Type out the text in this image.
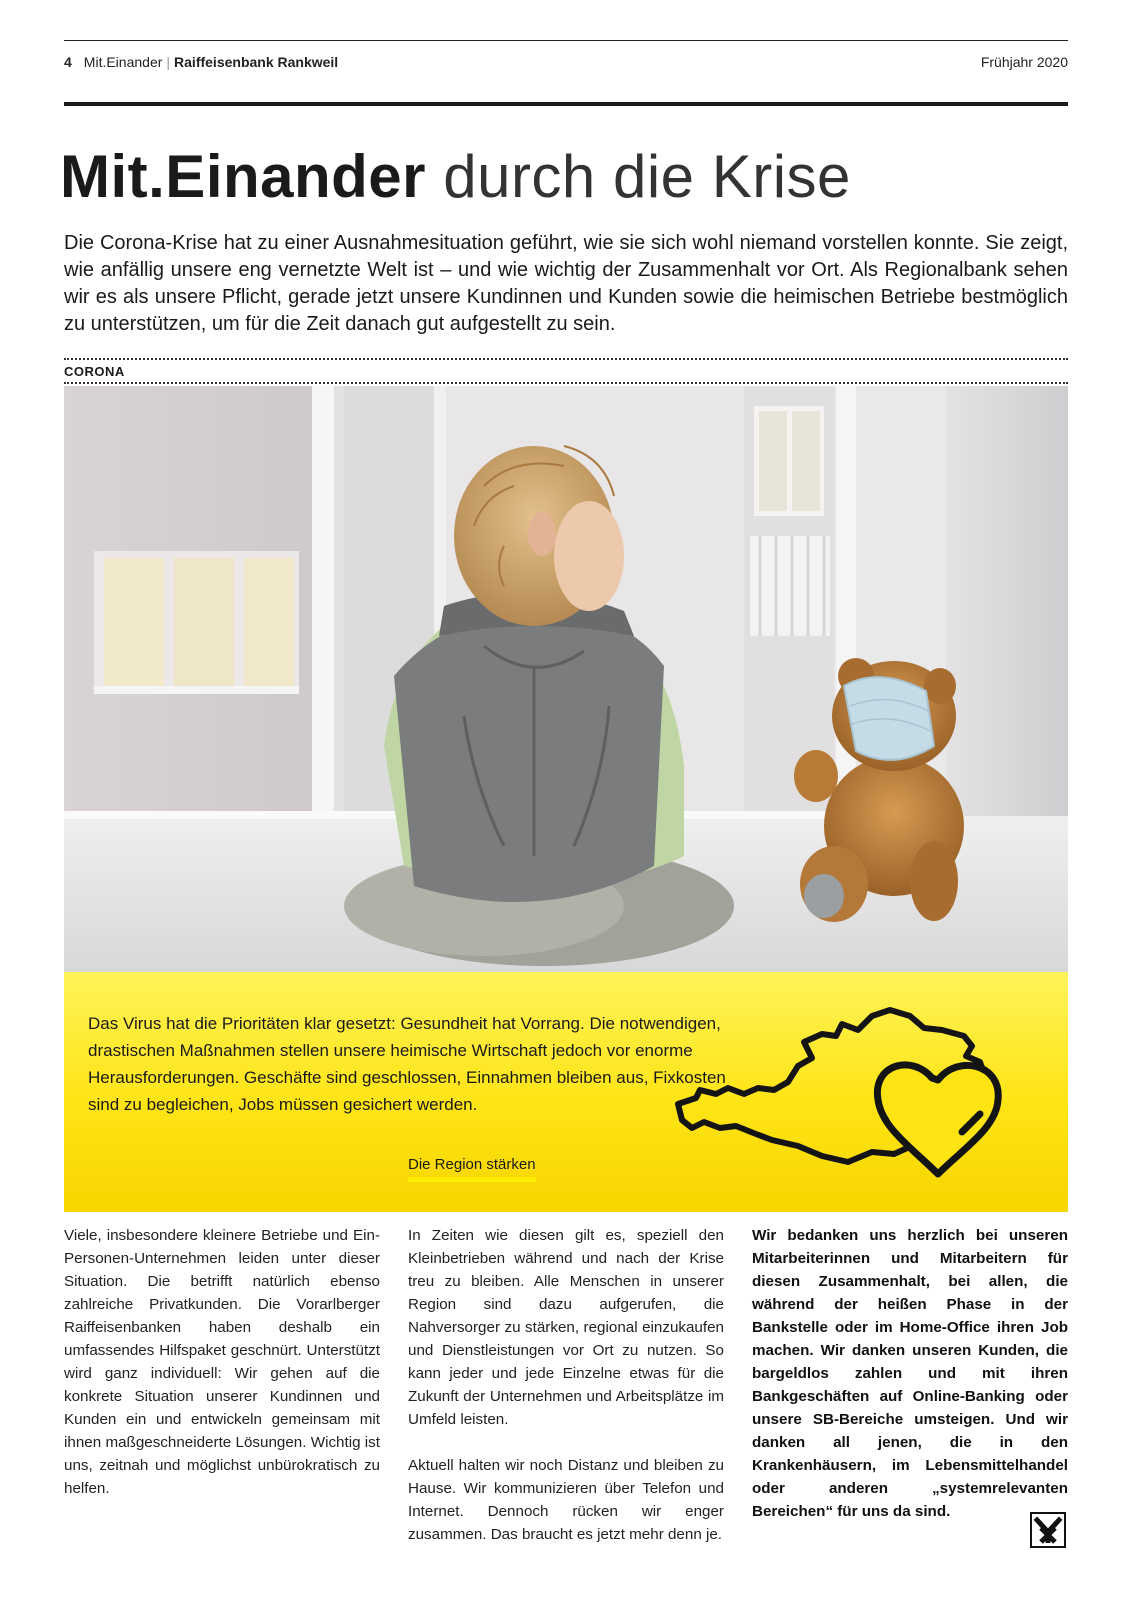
4 Mit.Einander | Raiffeisenbank Rankweil	Frühjahr 2020
Mit.Einander durch die Krise

Die Corona-Krise hat zu einer Ausnahmesituation geführt, wie sie sich wohl niemand vorstellen konnte. Sie zeigt, wie anfällig unsere eng vernetzte Welt ist – und wie wichtig der Zusammenhalt vor Ort. Als Regionalbank sehen wir es als unsere Pflicht, gerade jetzt unsere Kundinnen und Kunden sowie die heimischen Betriebe bestmöglich zu unterstützen, um für die Zeit danach gut aufgestellt zu sein.

CORONA

Das Virus hat die Prioritäten klar gesetzt: Gesundheit hat Vorrang. Die notwendigen, drastischen Maßnahmen stellen unsere heimische Wirtschaft jedoch vor enorme Herausforderungen. Geschäfte sind geschlossen, Einnahmen bleiben aus, Fixkosten sind zu begleichen, Jobs müssen gesichert werden.

Die Region stärken

Viele, insbesondere kleinere Betriebe und Ein-Personen-Unternehmen leiden unter dieser Situation. Die betrifft natürlich ebenso zahlreiche Privatkunden. Die Vorarlberger Raiffeisenbanken haben deshalb ein umfassendes Hilfspaket geschnürt. Unterstützt wird ganz individuell: Wir gehen auf die konkrete Situation unserer Kundinnen und Kunden ein und entwickeln gemeinsam mit ihnen maßgeschneiderte Lösungen. Wichtig ist uns, zeitnah und möglichst unbürokratisch zu helfen.

In Zeiten wie diesen gilt es, speziell den Kleinbetrieben während und nach der Krise treu zu bleiben. Alle Menschen in unserer Region sind dazu aufgerufen, die Nahversorger zu stärken, regional einzukaufen und Dienstleistungen vor Ort zu nutzen. So kann jeder und jede Einzelne etwas für die Zukunft der Unternehmen und Arbeitsplätze im Umfeld leisten.

Aktuell halten wir noch Distanz und bleiben zu Hause. Wir kommunizieren über Telefon und Internet. Dennoch rücken wir enger zusammen. Das braucht es jetzt mehr denn je.

Wir bedanken uns herzlich bei unseren Mitarbeiterinnen und Mitarbeitern für diesen Zusammenhalt, bei allen, die während der heißen Phase in der Bankstelle oder im Home-Office ihren Job machen. Wir danken unseren Kunden, die bargeldlos zahlen und mit ihren Bankgeschäften auf Online-Banking oder unsere SB-Bereiche umsteigen. Und wir danken all jenen, die in den Krankenhäusern, im Lebensmittelhandel oder anderen „systemrelevanten Bereichen“ für uns da sind.
